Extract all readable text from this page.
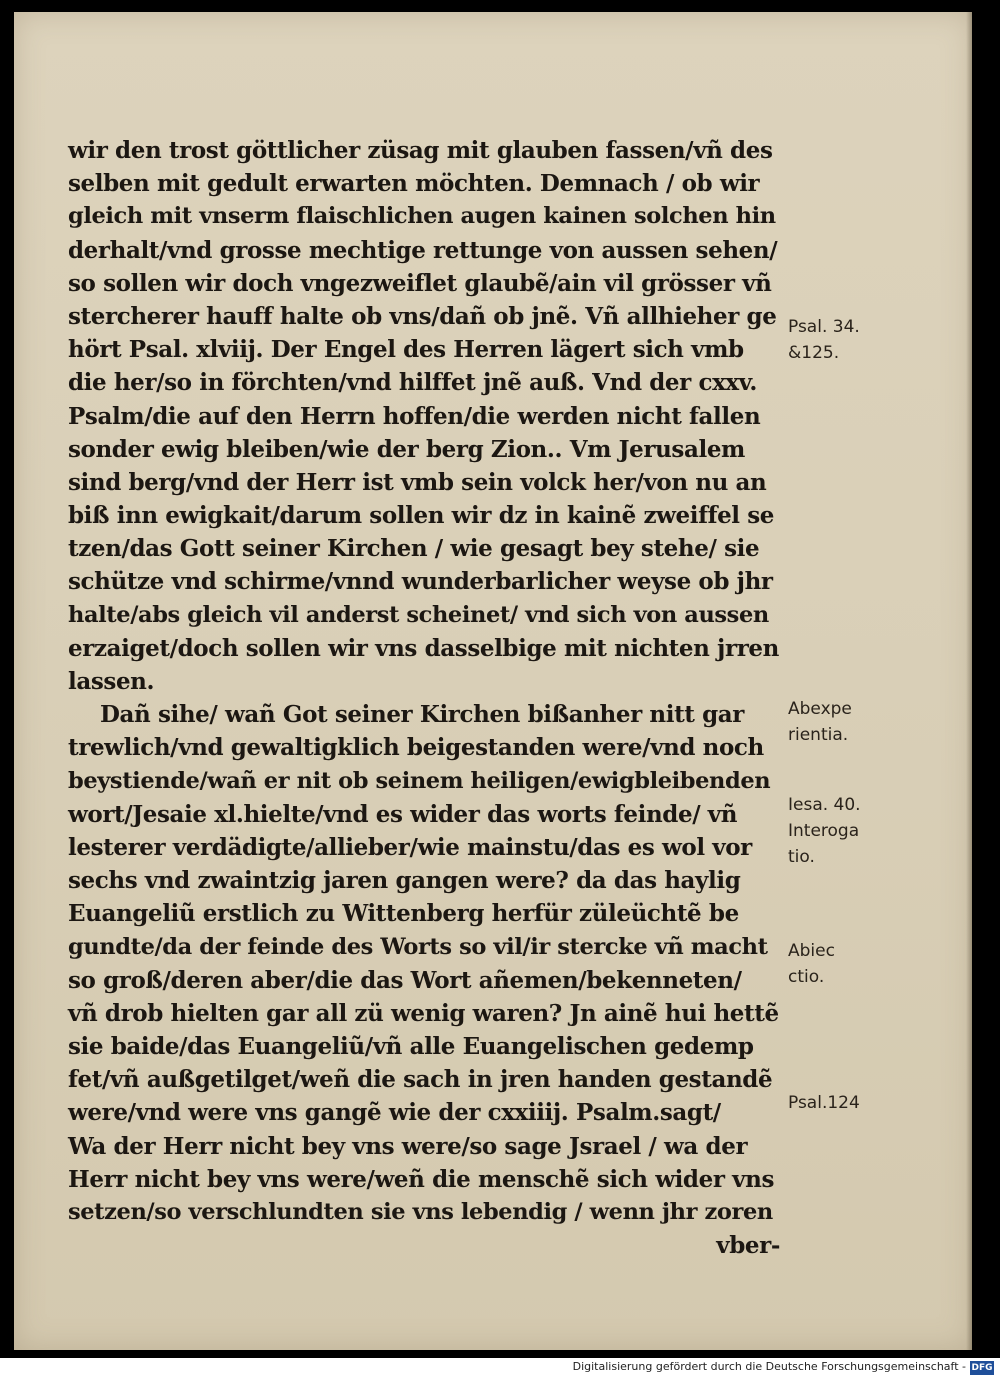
wir den trost göttlicher züsag mit glauben fassen/vñ des
selben mit gedult erwarten möchten. Demnach / ob wir
gleich mit vnserm flaischlichen augen kainen solchen hin
derhalt/vnd grosse mechtige rettunge von aussen sehen/
so sollen wir doch vngezweiflet glaubẽ/ain vil grösser vñ
stercherer hauff halte ob vns/dañ ob jnẽ. Vñ allhieher ge
hört Psal. xlviij. Der Engel des Herren lägert sich vmb
die her/so in förchten/vnd hilffet jnẽ auß. Vnd der cxxv.
Psalm/die auf den Herrn hoffen/die werden nicht fallen
sonder ewig bleiben/wie der berg Zion.. Vm Jerusalem
sind berg/vnd der Herr ist vmb sein volck her/von nu an
biß inn ewigkait/darum sollen wir dz in kainẽ zweiffel se
tzen/das Gott seiner Kirchen / wie gesagt bey stehe/ sie
schütze vnd schirme/vnnd wunderbarlicher weyse ob jhr
halte/abs gleich vil anderst scheinet/ vnd sich von aussen
erzaiget/doch sollen wir vns dasselbige mit nichten jrren
lassen.
Dañ sihe/ wañ Got seiner Kirchen bißanher nitt gar
trewlich/vnd gewaltigklich beigestanden were/vnd noch
beystiende/wañ er nit ob seinem heiligen/ewigbleibenden
wort/Jesaie xl.hielte/vnd es wider das worts feinde/ vñ
lesterer verdädigte/allieber/wie mainstu/das es wol vor
sechs vnd zwaintzig jaren gangen were? da das haylig
Euangeliũ erstlich zu Wittenberg herfür züleüchtẽ be
gundte/da der feinde des Worts so vil/ir stercke vñ macht
so groß/deren aber/die das Wort añemen/bekenneten/
vñ drob hielten gar all zü wenig waren? Jn ainẽ hui hettẽ
sie baide/das Euangeliũ/vñ alle Euangelischen gedemp
fet/vñ außgetilget/weñ die sach in jren handen gestandẽ
were/vnd were vns gangẽ wie der cxxiiij. Psalm.sagt/
Wa der Herr nicht bey vns were/so sage Jsrael / wa der
Herr nicht bey vns were/weñ die menschẽ sich wider vns
setzen/so verschlundten sie vns lebendig / wenn jhr zoren
vber-
Psal. 34.
&125.
Abexpe
rientia.
Iesa. 40.
Interoga
tio.
Abiec
ctio.
Psal.124
Digitalisierung gefördert durch die Deutsche Forschungsgemeinschaft - DFG
